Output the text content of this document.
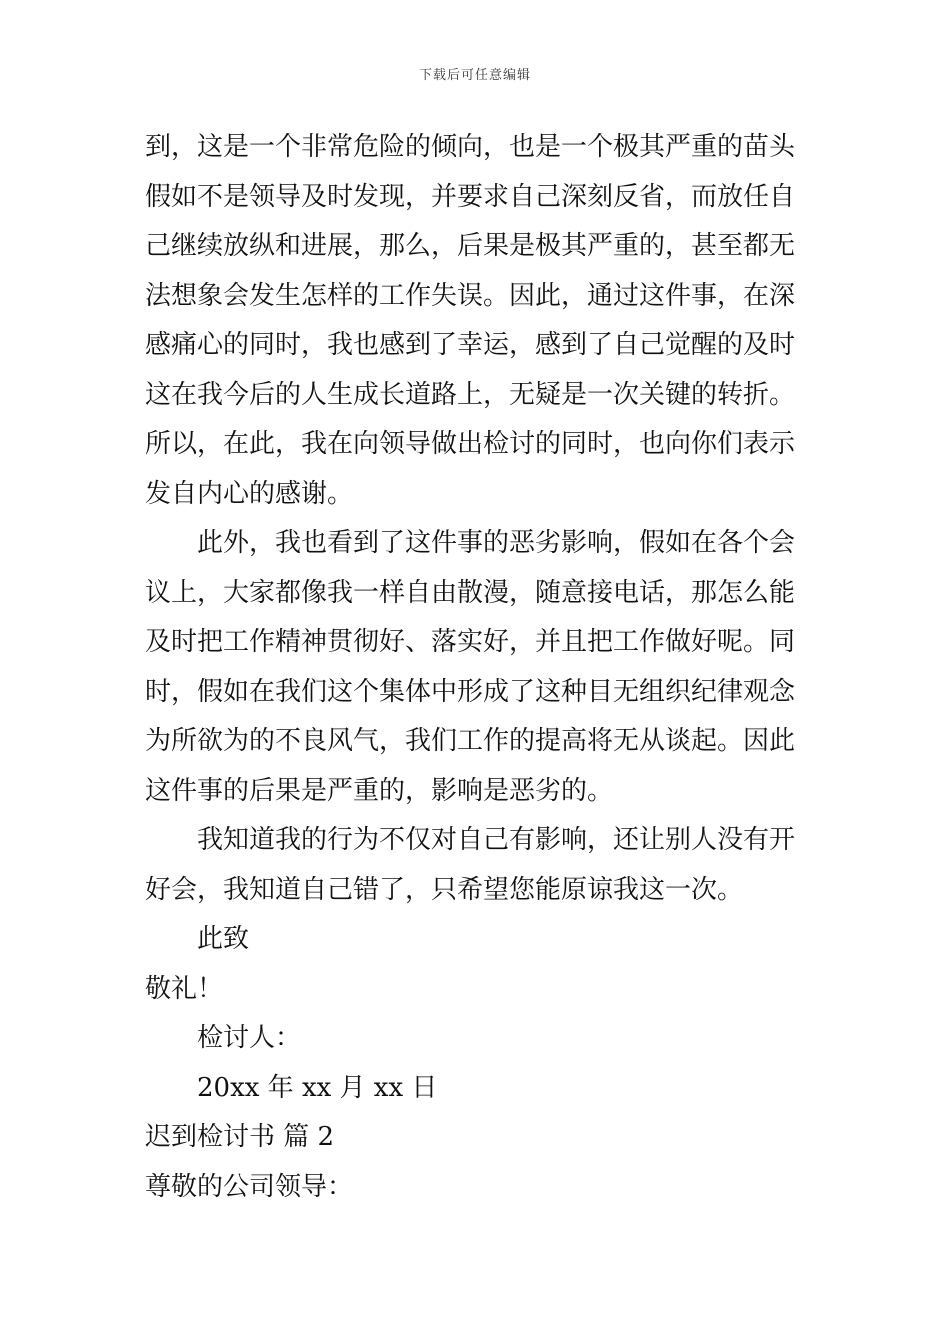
下载后可任意编辑
到，这是一个非常危险的倾向，也是一个极其严重的苗头
假如不是领导及时发现，并要求自己深刻反省，而放任自
己继续放纵和进展，那么，后果是极其严重的，甚至都无
法想象会发生怎样的工作失误。因此，通过这件事，在深
感痛心的同时，我也感到了幸运，感到了自己觉醒的及时
这在我今后的人生成长道路上，无疑是一次关键的转折。
所以，在此，我在向领导做出检讨的同时，也向你们表示
发自内心的感谢。
此外，我也看到了这件事的恶劣影响，假如在各个会
议上，大家都像我一样自由散漫，随意接电话，那怎么能
及时把工作精神贯彻好、落实好，并且把工作做好呢。同
时，假如在我们这个集体中形成了这种目无组织纪律观念
为所欲为的不良风气，我们工作的提高将无从谈起。因此
这件事的后果是严重的，影响是恶劣的。
我知道我的行为不仅对自己有影响，还让别人没有开
好会，我知道自己错了，只希望您能原谅我这一次。
此致
敬礼！
检讨人：
20xx 年 xx 月 xx 日
迟到检讨书 篇 2
尊敬的公司领导：
